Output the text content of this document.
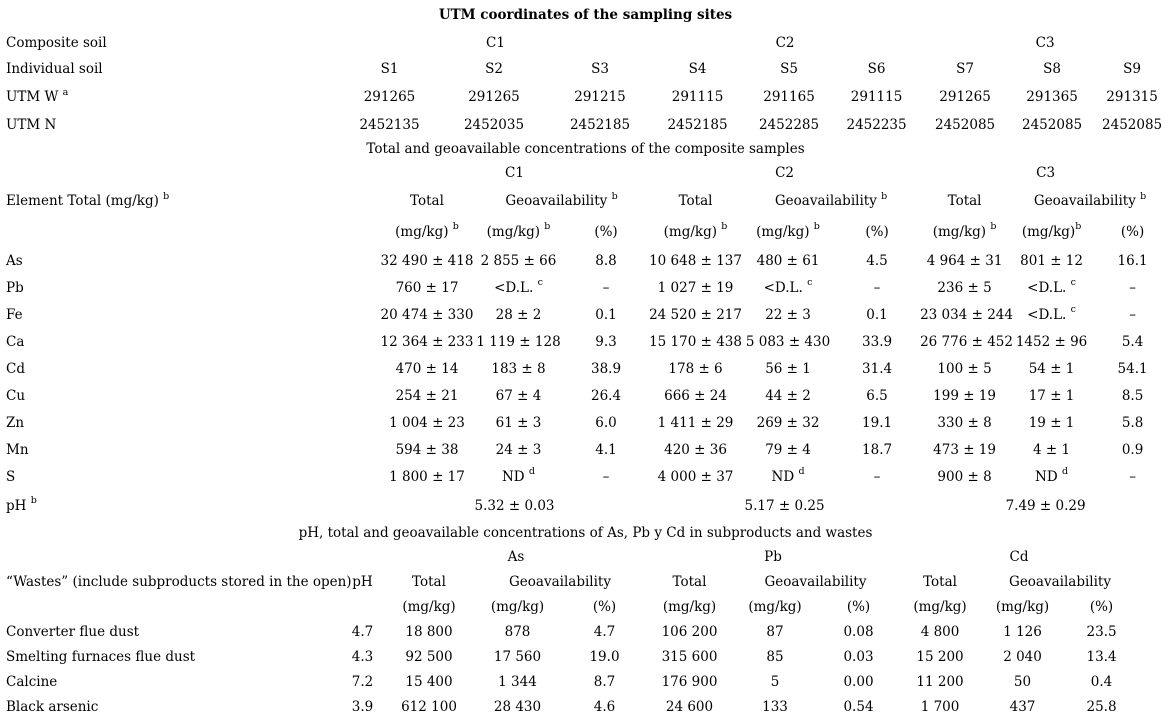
UTM coordinates of the sampling sites
Composite soil	C1			C2			C3		
Individual soil	S1	S2	S3	S4	S5	S6	S7	S8	S9
UTM W $^a$	291265	291265	291215	291115	291165	291115	291265	291365	291315
UTM N	2452135	2452035	2452185	2452185	2452285	2452235	2452085	2452085	2452085
Total and geoavailable concentrations of the composite samples
	C1			C2			C3		
Element Total (mg/kg) $^b$	Total	Geoavailability $^b$		Total	Geoavailability $^b$		Total	Geoavailability $^b$
	(mg/kg) $^b$	(mg/kg) $^b$	(%)	(mg/kg) $^b$	(mg/kg) $^b$	(%)	(mg/kg) $^b$	$(mg/kg)^b$	(%)
As	32 490 ± 418	2 855 ± 66	8.8	10 648 ± 137	480 ± 61	4.5	4 964 ± 31	801 ± 12	16.1
Pb	760 ± 17	<D.L. $^c$	–	1 027 ± 19	<D.L. $^c$	–	236 ± 5	<D.L. $^c$	–
Fe	20 474 ± 330	28 ± 2	0.1	24 520 ± 217	22 ± 3	0.1	23 034 ± 244	<D.L. $^c$	–
Ca	12 364 ± 233	1 119 ± 128	9.3	15 170 ± 438	5 083 ± 430	33.9	26 776 ± 452	1452 ± 96	5.4
Cd	470 ± 14	183 ± 8	38.9	178 ± 6	56 ± 1	31.4	100 ± 5	54 ± 1	54.1
Cu	254 ± 21	67 ± 4	26.4	666 ± 24	44 ± 2	6.5	199 ± 19	17 ± 1	8.5
Zn	1 004 ± 23	61 ± 3	6.0	1 411 ± 29	269 ± 32	19.1	330 ± 8	19 ± 1	5.8
Mn	594 ± 38	24 ± 3	4.1	420 ± 36	79 ± 4	18.7	473 ± 19	4 ± 1	0.9
S	1 800 ± 17	ND $^d$	–	4 000 ± 37	ND $^d$	–	900 ± 8	ND $^d$	–
pH $^b$	5.32 ± 0.03			5.17 ± 0.25			7.49 ± 0.29		
pH, total and geoavailable concentrations of As, Pb y Cd in subproducts and wastes
		As			Pb			Cd		
“Wastes” (include subproducts stored in the open)	pH	Total	Geoavailability		Total	Geoavailability		Total	Geoavailability	
		(mg/kg)	(mg/kg)	(%)	(mg/kg)	(mg/kg)	(%)	(mg/kg)	(mg/kg)	(%)
Converter flue dust	4.7	18 800	878	4.7	106 200	87	0.08	4 800	1 126	23.5
Smelting furnaces flue dust	4.3	92 500	17 560	19.0	315 600	85	0.03	15 200	2 040	13.4
Calcine	7.2	15 400	1 344	8.7	176 900	5	0.00	11 200	50	0.4
Black arsenic	3.9	612 100	28 430	4.6	24 600	133	0.54	1 700	437	25.8
